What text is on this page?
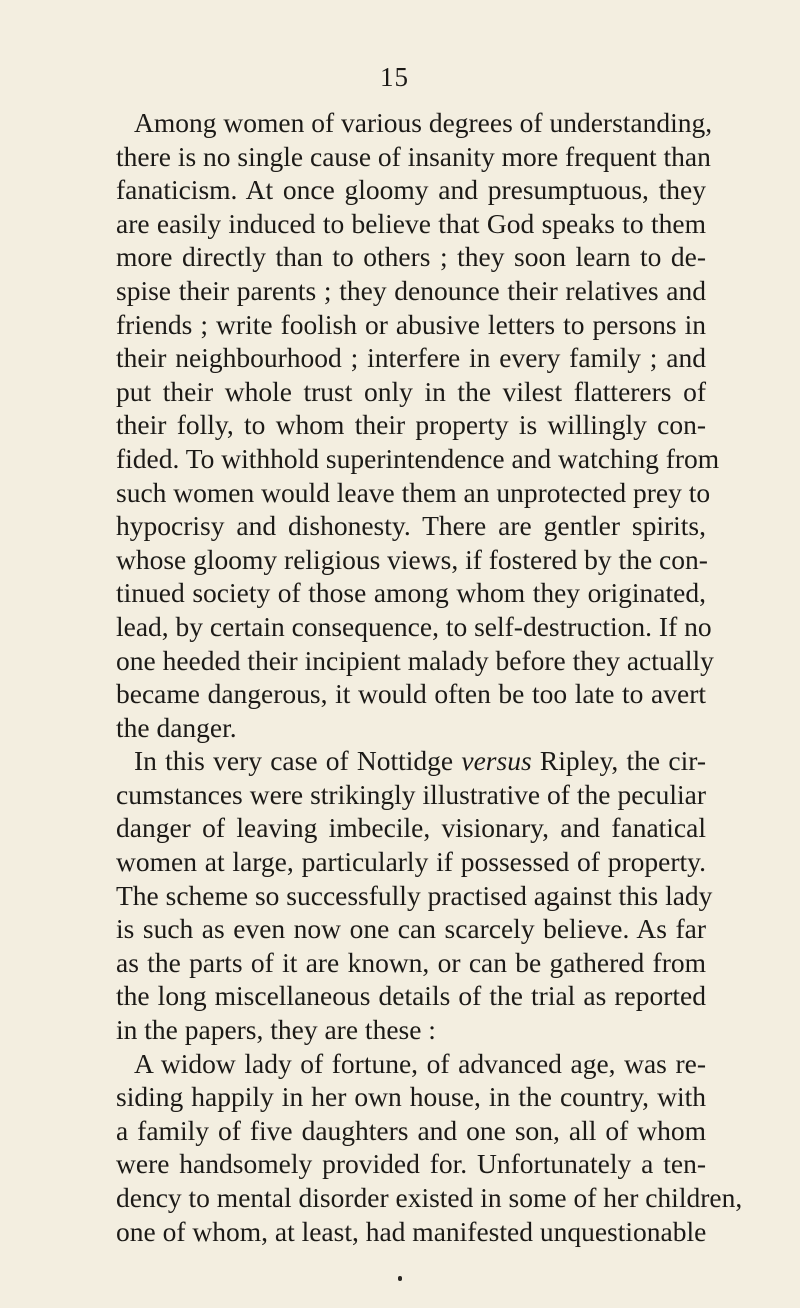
15
Among women of various degrees of understanding,
there is no single cause of insanity more frequent than
fanaticism. At once gloomy and presumptuous, they
are easily induced to believe that God speaks to them
more directly than to others ; they soon learn to de-
spise their parents ; they denounce their relatives and
friends ; write foolish or abusive letters to persons in
their neighbourhood ; interfere in every family ; and
put their whole trust only in the vilest flatterers of
their folly, to whom their property is willingly con-
fided. To withhold superintendence and watching from
such women would leave them an unprotected prey to
hypocrisy and dishonesty. There are gentler spirits,
whose gloomy religious views, if fostered by the con-
tinued society of those among whom they originated,
lead, by certain consequence, to self-destruction. If no
one heeded their incipient malady before they actually
became dangerous, it would often be too late to avert
the danger.
In this very case of Nottidge versus Ripley, the cir-
cumstances were strikingly illustrative of the peculiar
danger of leaving imbecile, visionary, and fanatical
women at large, particularly if possessed of property.
The scheme so successfully practised against this lady
is such as even now one can scarcely believe. As far
as the parts of it are known, or can be gathered from
the long miscellaneous details of the trial as reported
in the papers, they are these :
A widow lady of fortune, of advanced age, was re-
siding happily in her own house, in the country, with
a family of five daughters and one son, all of whom
were handsomely provided for. Unfortunately a ten-
dency to mental disorder existed in some of her children,
one of whom, at least, had manifested unquestionable
